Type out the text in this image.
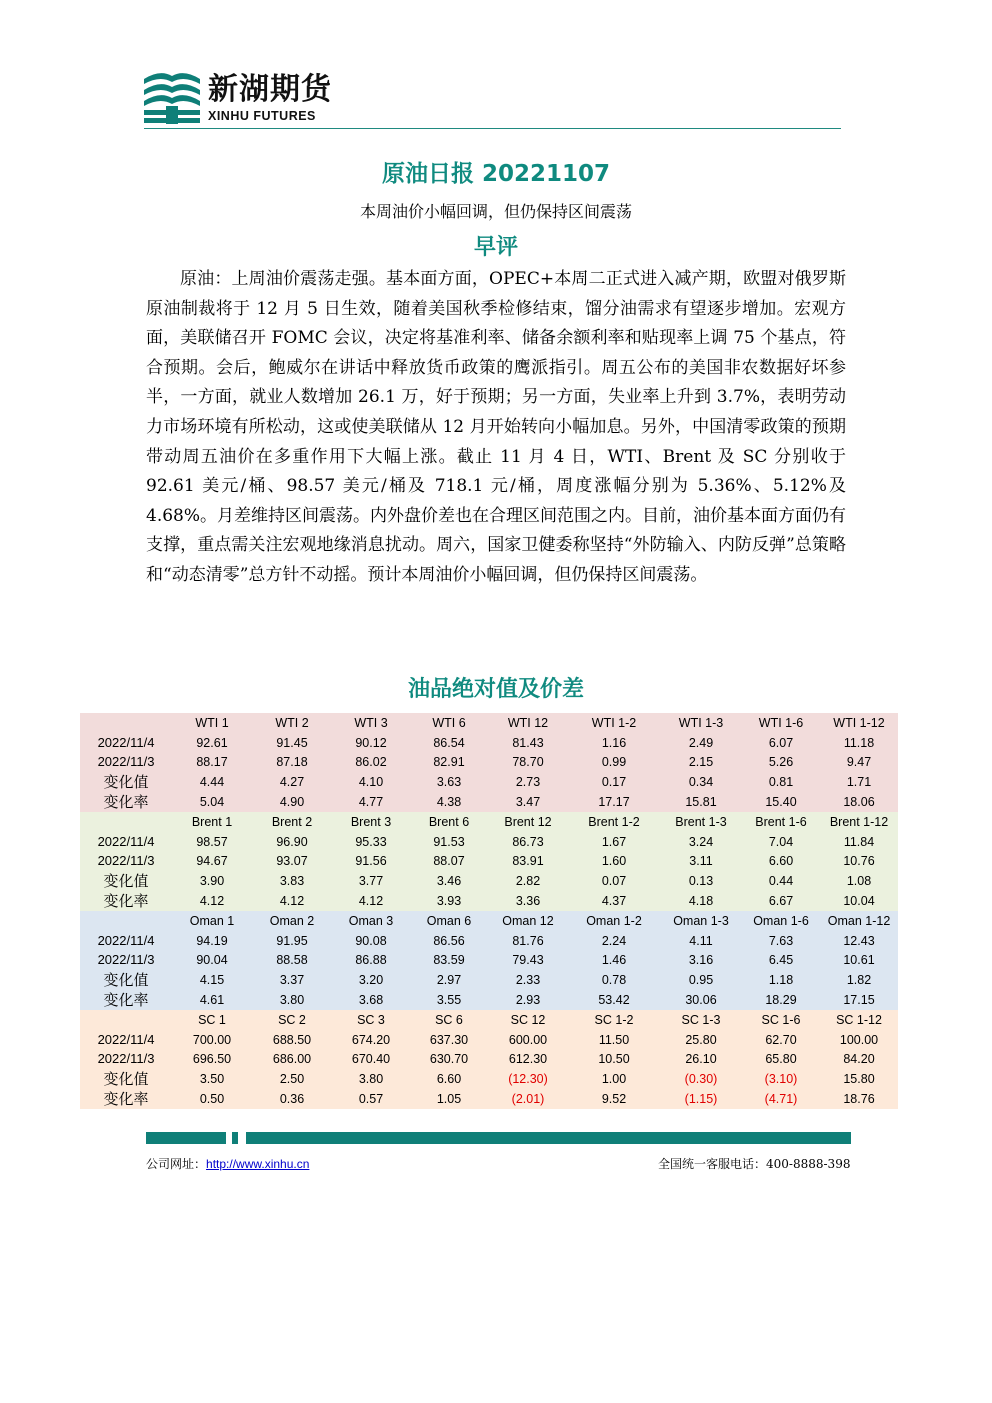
新湖期货
XINHU FUTURES
原油日报 20221107
本周油价小幅回调，但仍保持区间震荡
早评

原油：上周油价震荡走强。基本面方面，OPEC+本周二正式进入减产期，欧盟对俄罗斯原油制裁将于 12 月 5 日生效，随着美国秋季检修结束，馏分油需求有望逐步增加。宏观方面，美联储召开 FOMC 会议，决定将基准利率、储备余额利率和贴现率上调 75 个基点，符合预期。会后，鲍威尔在讲话中释放货币政策的鹰派指引。周五公布的美国非农数据好坏参半，一方面，就业人数增加 26.1 万，好于预期；另一方面，失业率上升到 3.7%，表明劳动力市场环境有所松动，这或使美联储从 12 月开始转向小幅加息。另外，中国清零政策的预期带动周五油价在多重作用下大幅上涨。截止 11 月 4 日，WTI、Brent 及 SC 分别收于 92.61 美元/桶、98.57 美元/桶及 718.1 元/桶，周度涨幅分别为 5.36%、5.12%及 4.68%。月差维持区间震荡。内外盘价差也在合理区间范围之内。目前，油价基本面方面仍有支撑，重点需关注宏观地缘消息扰动。周六，国家卫健委称坚持“外防输入、内防反弹”总策略和“动态清零”总方针不动摇。预计本周油价小幅回调，但仍保持区间震荡。

油品绝对值及价差
	WTI 1	WTI 2	WTI 3	WTI 6	WTI 12	WTI 1-2	WTI 1-3	WTI 1-6	WTI 1-12
2022/11/4	92.61	91.45	90.12	86.54	81.43	1.16	2.49	6.07	11.18
2022/11/3	88.17	87.18	86.02	82.91	78.70	0.99	2.15	5.26	9.47
变化值	4.44	4.27	4.10	3.63	2.73	0.17	0.34	0.81	1.71
变化率	5.04	4.90	4.77	4.38	3.47	17.17	15.81	15.40	18.06
	Brent 1	Brent 2	Brent 3	Brent 6	Brent 12	Brent 1-2	Brent 1-3	Brent 1-6	Brent 1-12
2022/11/4	98.57	96.90	95.33	91.53	86.73	1.67	3.24	7.04	11.84
2022/11/3	94.67	93.07	91.56	88.07	83.91	1.60	3.11	6.60	10.76
变化值	3.90	3.83	3.77	3.46	2.82	0.07	0.13	0.44	1.08
变化率	4.12	4.12	4.12	3.93	3.36	4.37	4.18	6.67	10.04
	Oman 1	Oman 2	Oman 3	Oman 6	Oman 12	Oman 1-2	Oman 1-3	Oman 1-6	Oman 1-12
2022/11/4	94.19	91.95	90.08	86.56	81.76	2.24	4.11	7.63	12.43
2022/11/3	90.04	88.58	86.88	83.59	79.43	1.46	3.16	6.45	10.61
变化值	4.15	3.37	3.20	2.97	2.33	0.78	0.95	1.18	1.82
变化率	4.61	3.80	3.68	3.55	2.93	53.42	30.06	18.29	17.15
	SC 1	SC 2	SC 3	SC 6	SC 12	SC 1-2	SC 1-3	SC 1-6	SC 1-12
2022/11/4	700.00	688.50	674.20	637.30	600.00	11.50	25.80	62.70	100.00
2022/11/3	696.50	686.00	670.40	630.70	612.30	10.50	26.10	65.80	84.20
变化值	3.50	2.50	3.80	6.60	(12.30)	1.00	(0.30)	(3.10)	15.80
变化率	0.50	0.36	0.57	1.05	(2.01)	9.52	(1.15)	(4.71)	18.76
公司网址：http://www.xinhu.cn	全国统一客服电话：400-8888-398
